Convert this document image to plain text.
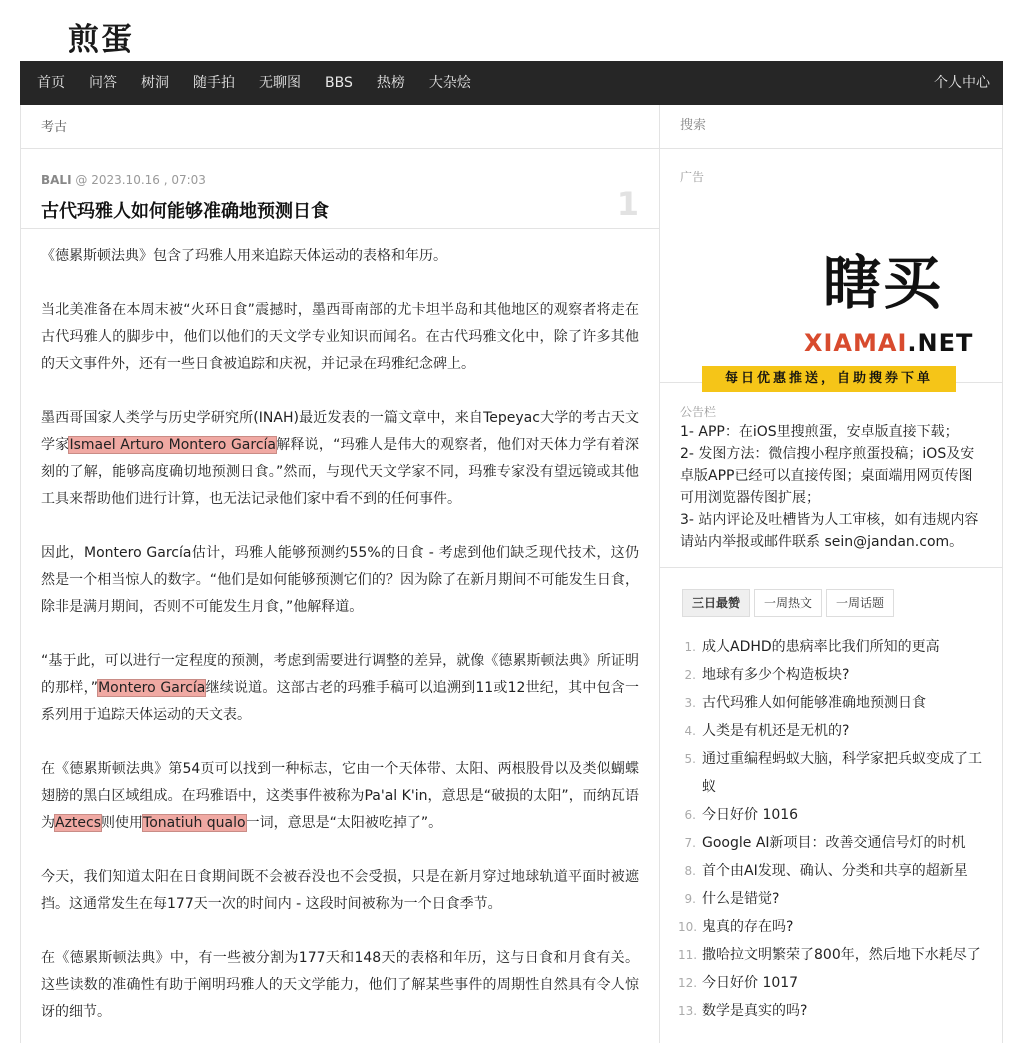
煎蛋
首页 问答 树洞 随手拍 无聊图 BBS 热榜 大杂烩	个人中心
考古
BALI @ 2023.10.16 , 07:03
古代玛雅人如何能够准确地预测日食	1

《德累斯顿法典》包含了玛雅人用来追踪天体运动的表格和年历。

当北美准备在本周末被“火环日食”震撼时，墨西哥南部的尤卡坦半岛和其他地区的观察者将走在古代玛雅人的脚步中，他们以他们的天文学专业知识而闻名。在古代玛雅文化中，除了许多其他的天文事件外，还有一些日食被追踪和庆祝，并记录在玛雅纪念碑上。

墨西哥国家人类学与历史学研究所(INAH)最近发表的一篇文章中，来自Tepeyac大学的考古天文学家Ismael Arturo Montero García解释说，“玛雅人是伟大的观察者，他们对天体力学有着深刻的了解，能够高度确切地预测日食。”然而，与现代天文学家不同，玛雅专家没有望远镜或其他工具来帮助他们进行计算，也无法记录他们家中看不到的任何事件。

因此，Montero García估计，玛雅人能够预测约55%的日食 - 考虑到他们缺乏现代技术，这仍然是一个相当惊人的数字。“他们是如何能够预测它们的？因为除了在新月期间不可能发生日食，除非是满月期间，否则不可能发生月食，”他解释道。

“基于此，可以进行一定程度的预测，考虑到需要进行调整的差异，就像《德累斯顿法典》所证明的那样，”Montero García继续说道。这部古老的玛雅手稿可以追溯到11或12世纪，其中包含一系列用于追踪天体运动的天文表。

在《德累斯顿法典》第54页可以找到一种标志，它由一个天体带、太阳、两根股骨以及类似蝴蝶翅膀的黑白区域组成。在玛雅语中，这类事件被称为Pa'al K'in，意思是“破损的太阳”，而纳瓦语为Aztecs则使用Tonatiuh qualo一词，意思是“太阳被吃掉了”。

今天，我们知道太阳在日食期间既不会被吞没也不会受损，只是在新月穿过地球轨道平面时被遮挡。这通常发生在每177天一次的时间内 - 这段时间被称为一个日食季节。

在《德累斯顿法典》中，有一些被分割为177天和148天的表格和年历，这与日食和月食有关。这些读数的准确性有助于阐明玛雅人的天文学能力，他们了解某些事件的周期性自然具有令人惊讶的细节。

搜索
广告
瞎买
XIAMAI.NET
每日优惠推送，自助搜券下单
公告栏
1- APP：在iOS里搜煎蛋，安卓版直接下载；
2- 发图方法：微信搜小程序煎蛋投稿；iOS及安卓版APP已经可以直接传图；桌面端用网页传图可用浏览器传图扩展；
3- 站内评论及吐槽皆为人工审核，如有违规内容请站内举报或邮件联系 sein@jandan.com。
三日最赞	一周热文	一周话题
1. 成人ADHD的患病率比我们所知的更高
2. 地球有多少个构造板块?
3. 古代玛雅人如何能够准确地预测日食
4. 人类是有机还是无机的?
5. 通过重编程蚂蚁大脑，科学家把兵蚁变成了工蚁
6. 今日好价 1016
7. Google AI新项目：改善交通信号灯的时机
8. 首个由AI发现、确认、分类和共享的超新星
9. 什么是错觉?
10. 鬼真的存在吗?
11. 撒哈拉文明繁荣了800年，然后地下水耗尽了
12. 今日好价 1017
13. 数学是真实的吗?
